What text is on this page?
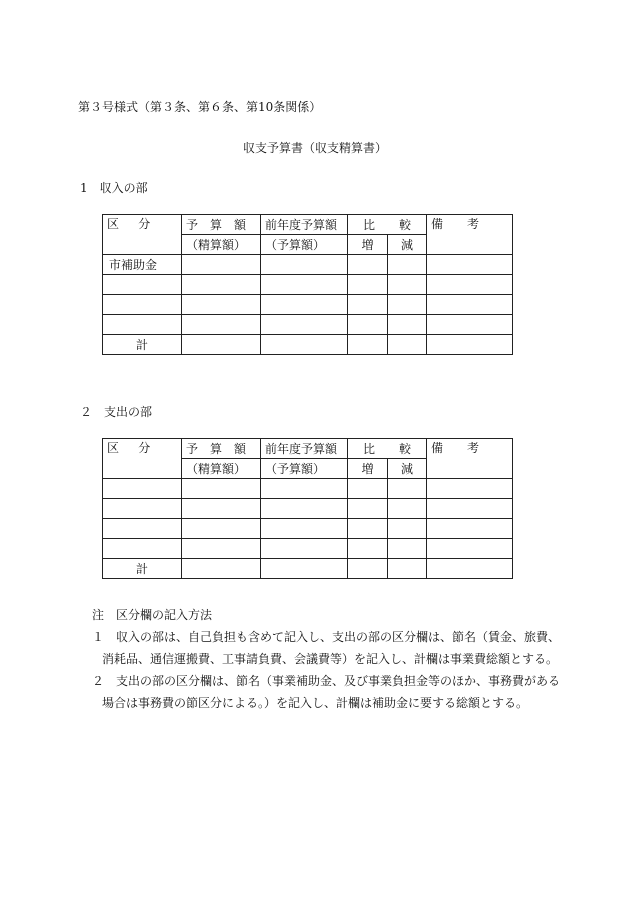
第３号様式（第３条、第６条、第10条関係）
収支予算書（収支精算書）
1　収入の部
区　分	予　算　額	前年度予算額	比　　較		備　　考
	（精算額）	（予算額）	増	減	
市補助金					

計					
２　支出の部
区　分	予　算　額	前年度予算額	比　　較		備　　考
	（精算額）	（予算額）	増	減	

計					
注　区分欄の記入方法
１　収入の部は、自己負担も含めて記入し、支出の部の区分欄は、節名（賃金、旅費、
消耗品、通信運搬費、工事請負費、会議費等）を記入し、計欄は事業費総額とする。
２　支出の部の区分欄は、節名（事業補助金、及び事業負担金等のほか、事務費がある
場合は事務費の節区分による。）を記入し、計欄は補助金に要する総額とする。
